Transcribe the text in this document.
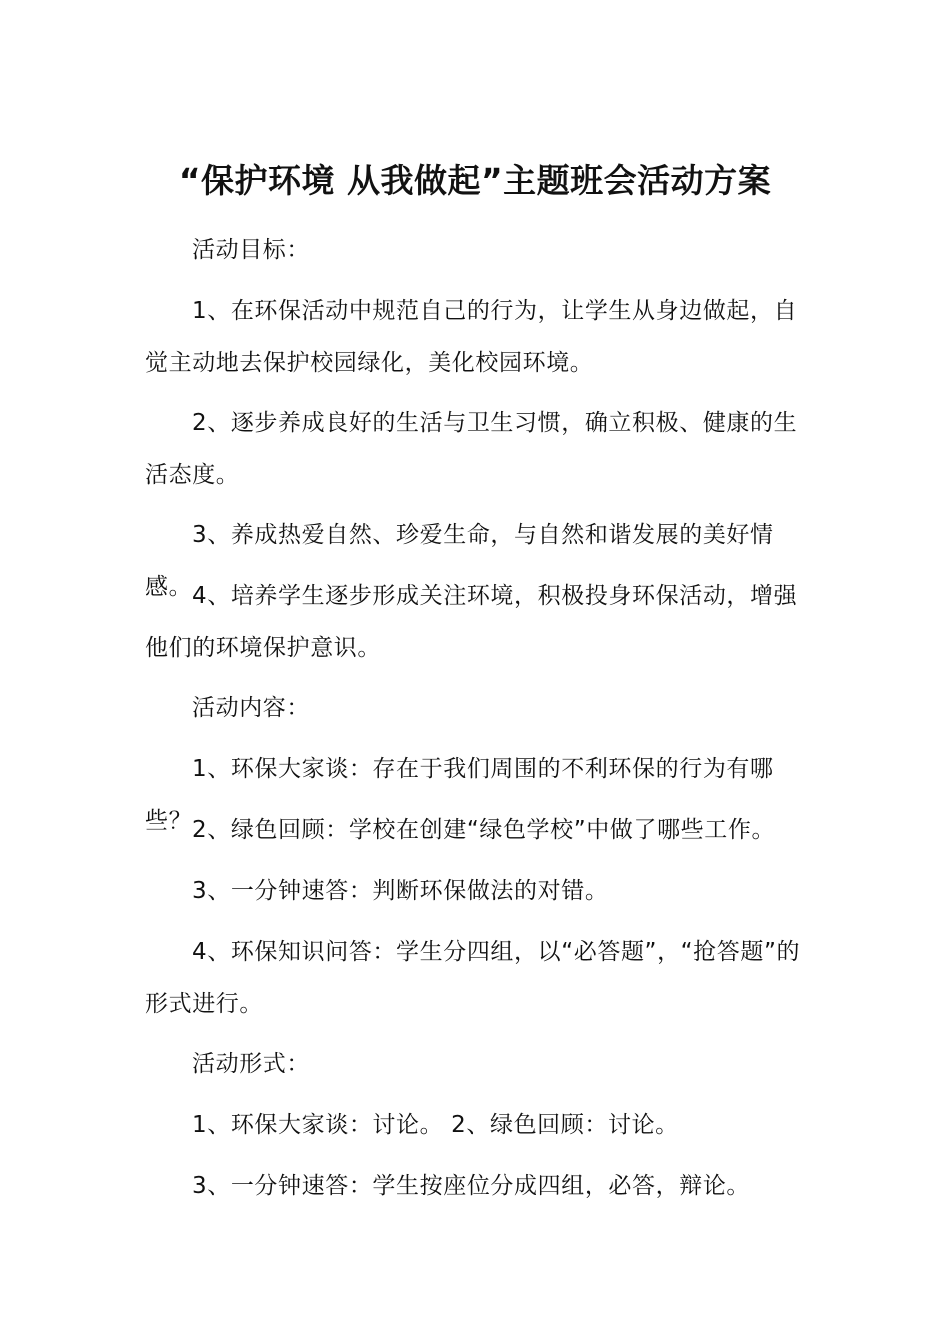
“保护环境 从我做起”主题班会活动方案

活动目标：

1、在环保活动中规范自己的行为，让学生从身边做起，自觉主动地去保护校园绿化，美化校园环境。

2、逐步养成良好的生活与卫生习惯，确立积极、健康的生活态度。

3、养成热爱自然、珍爱生命，与自然和谐发展的美好情感。 4、培养学生逐步形成关注环境，积极投身环保活动，增强他们的环境保护意识。

活动内容：

1、环保大家谈：存在于我们周围的不利环保的行为有哪些？ 2、绿色回顾：学校在创建“绿色学校”中做了哪些工作。

3、一分钟速答：判断环保做法的对错。

4、环保知识问答：学生分四组，以“必答题”，“抢答题”的形式进行。

活动形式：

1、环保大家谈：讨论。 2、绿色回顾：讨论。

3、一分钟速答：学生按座位分成四组，必答，辩论。
